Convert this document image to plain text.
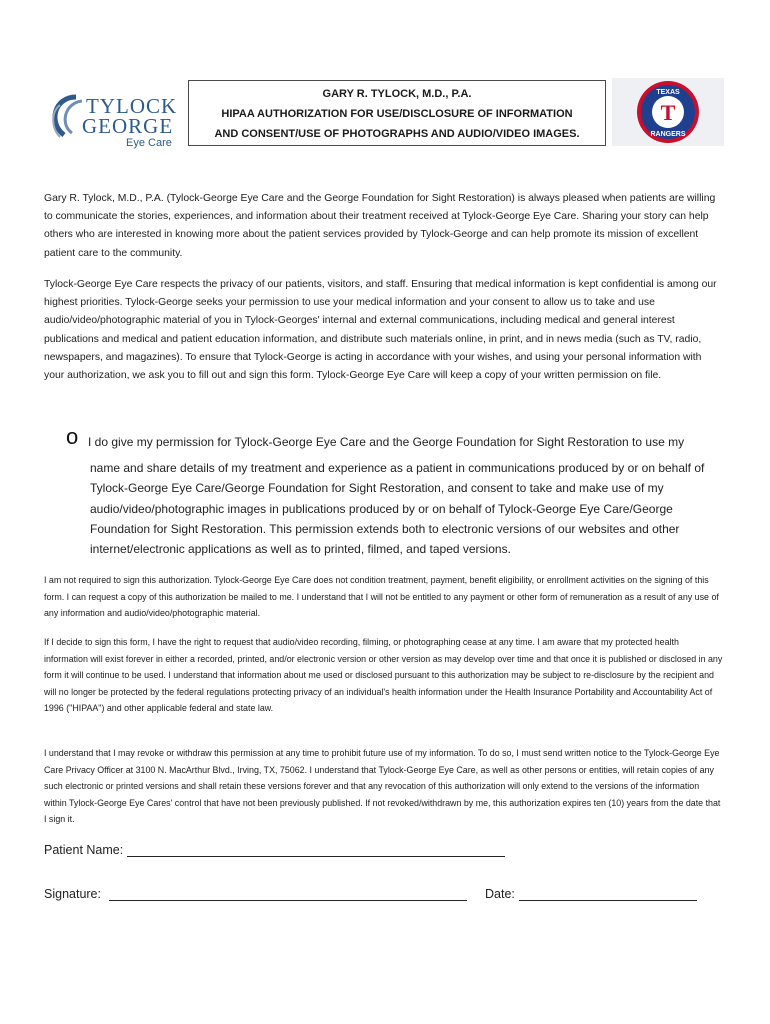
TYLOCK
GEORGE
Eye Care
GARY R. TYLOCK, M.D., P.A.
HIPAA AUTHORIZATION FOR USE/DISCLOSURE OF INFORMATION
AND CONSENT/USE OF PHOTOGRAPHS AND AUDIO/VIDEO IMAGES.
T
TEXAS
RANGERS
Gary R. Tylock, M.D., P.A. (Tylock-George Eye Care and the George Foundation for Sight Restoration) is always pleased when patients are willing to communicate the stories, experiences, and information about their treatment received at Tylock-George Eye Care. Sharing your story can help others who are interested in knowing more about the patient services provided by Tylock-George and can help promote its mission of excellent patient care to the community.
Tylock-George Eye Care respects the privacy of our patients, visitors, and staff. Ensuring that medical information is kept confidential is among our highest priorities. Tylock-George seeks your permission to use your medical information and your consent to allow us to take and use audio/video/photographic material of you in Tylock-Georges' internal and external communications, including medical and general interest publications and medical and patient education information, and distribute such materials online, in print, and in news media (such as TV, radio, newspapers, and magazines). To ensure that Tylock-George is acting in accordance with your wishes, and using your personal information with your authorization, we ask you to fill out and sign this form. Tylock-George Eye Care will keep a copy of your written permission on file.
o I do give my permission for Tylock-George Eye Care and the George Foundation for Sight Restoration to use my
name and share details of my treatment and experience as a patient in communications produced by or on behalf of Tylock-George Eye Care/George Foundation for Sight Restoration, and consent to take and make use of my audio/video/photographic images in publications produced by or on behalf of Tylock-George Eye Care/George Foundation for Sight Restoration. This permission extends both to electronic versions of our websites and other internet/electronic applications as well as to printed, filmed, and taped versions.
I am not required to sign this authorization. Tylock-George Eye Care does not condition treatment, payment, benefit eligibility, or enrollment activities on the signing of this form. I can request a copy of this authorization be mailed to me. I understand that I will not be entitled to any payment or other form of remuneration as a result of any use of any information and audio/video/photographic material.
If I decide to sign this form, I have the right to request that audio/video recording, filming, or photographing cease at any time. I am aware that my protected health information will exist forever in either a recorded, printed, and/or electronic version or other version as may develop over time and that once it is published or disclosed in any form it will continue to be used. I understand that information about me used or disclosed pursuant to this authorization may be subject to re-disclosure by the recipient and will no longer be protected by the federal regulations protecting privacy of an individual's health information under the Health Insurance Portability and Accountability Act of 1996 ("HIPAA") and other applicable federal and state law.
I understand that I may revoke or withdraw this permission at any time to prohibit future use of my information. To do so, I must send written notice to the Tylock-George Eye Care Privacy Officer at 3100 N. MacArthur Blvd., Irving, TX, 75062. I understand that Tylock-George Eye Care, as well as other persons or entities, will retain copies of any such electronic or printed versions and shall retain these versions forever and that any revocation of this authorization will only extend to the versions of the information within Tylock-George Eye Cares' control that have not been previously published. If not revoked/withdrawn by me, this authorization expires ten (10) years from the date that I sign it.
Patient Name:
Signature:	Date:
